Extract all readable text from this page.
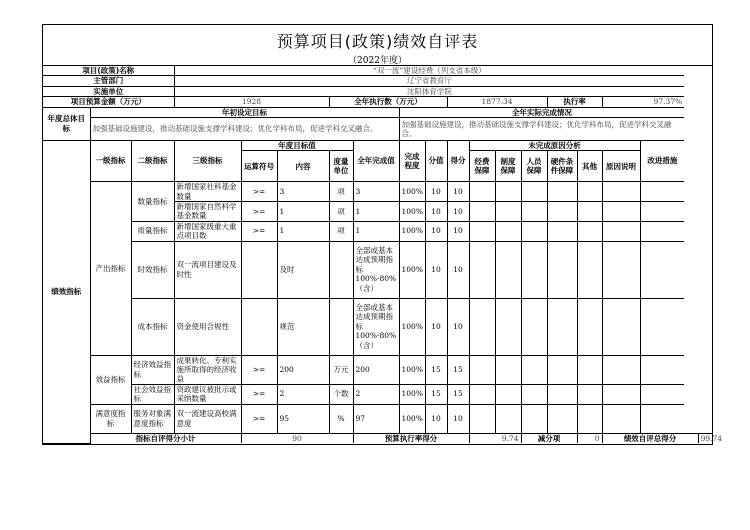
预算项目(政策)绩效自评表
（2022年度）
项目(政策)名称			“双一流”建设经费（列支省本级）															
主管部门			辽宁省教育厅															
实施单位			沈阳体育学院															
项目预算金额（万元）			1928			全年执行数（万元）				1877.34				执行率		97.37%		
年度总体目标	年初设定目标							全年实际完成情况										
	加强基础设施建设，推动基础设施支撑学科建设；优化学科布局，促进学科交叉融合。							加强基础设施建设，推动基础设施支撑学科建设；优化学科布局，促进学科交叉融合。										
绩效指标	一级指标	二级指标	三级指标	年度目标值			全年完成值	完成程度	分值	得分	未完成原因分析						改进措施	
				运算符号	内容	度量单位					经费保障	制度保障	人员保障	硬件条件保障	其他	原因说明		
	产出指标	数量指标	新增国家社科基金数量	>=	3	项	3	100%	10	10								
			新增国家自然科学基金数量	>=	1	项	1	100%	10	10								
		质量指标	新增国家级重大重点项目数	>=	1	项	1	100%	10	10								
		时效指标	双一流项目建设及时性		及时		全部或基本达成预期指标100%-80%（含）	100%	10	10								
		成本指标	资金使用合规性		规范		全部或基本达成预期指标100%-80%（含）	100%	10	10								
	效益指标	经济效益指标	成果转化、专利实施所取得的经济收益	>=	200	万元	200	100%	15	15								
		社会效益指标	资政建议被批示或采纳数量	>=	2	个数	2	100%	15	15								
	满意度指标	服务对象满意度指标	双一流建设高校满意度	>=	95	%	97	100%	10	10								
	指标自评得分小计			90			预算执行率得分				9.74		减分项		0	绩效自评总得分		99.74
